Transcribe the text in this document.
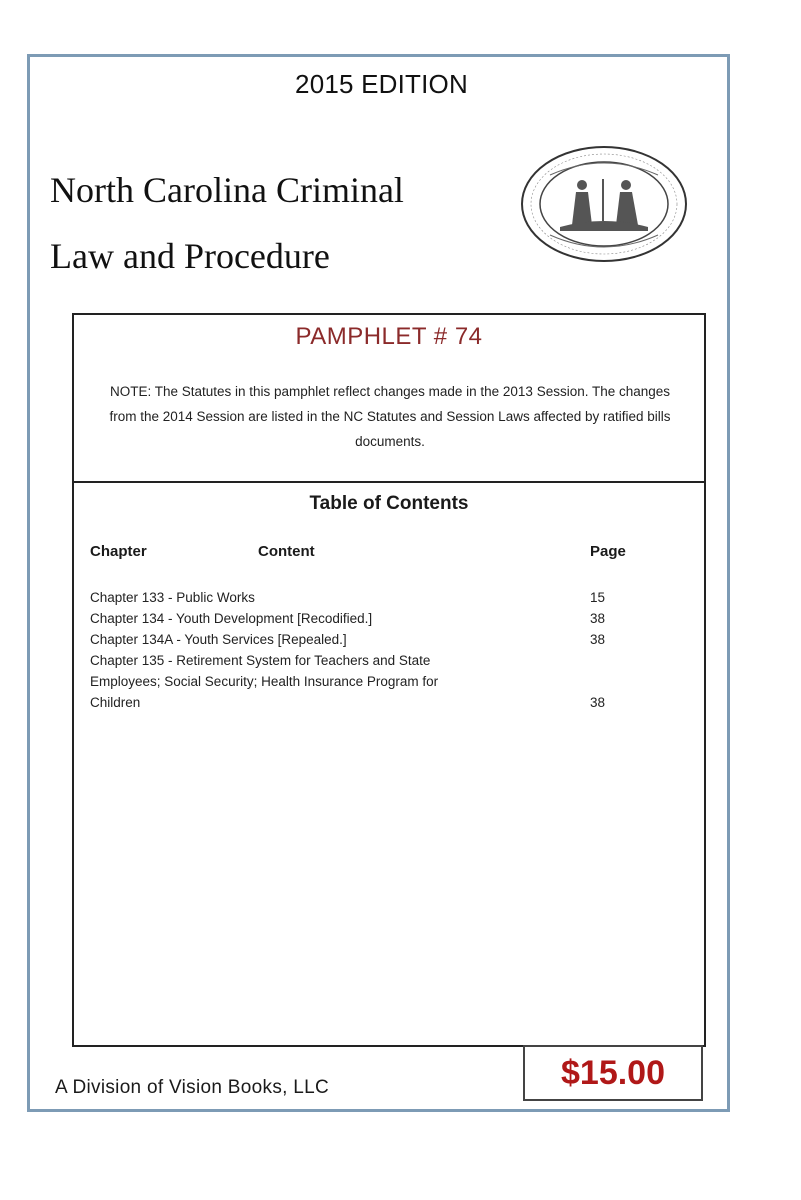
2015 EDITION
North Carolina Criminal
Law and Procedure
PAMPHLET # 74
NOTE: The Statutes in this pamphlet reflect changes made in the 2013 Session. The changes from the 2014 Session are listed in the NC Statutes and Session Laws affected by ratified bills documents.
Table of Contents
Chapter	Content	Page
Chapter 133 - Public Works	15
Chapter 134 - Youth Development [Recodified.]	38
Chapter 134A - Youth Services [Repealed.]	38
Chapter 135 - Retirement System for Teachers and State Employees; Social Security; Health Insurance Program for Children	38
A Division of Vision Books, LLC	$15.00
